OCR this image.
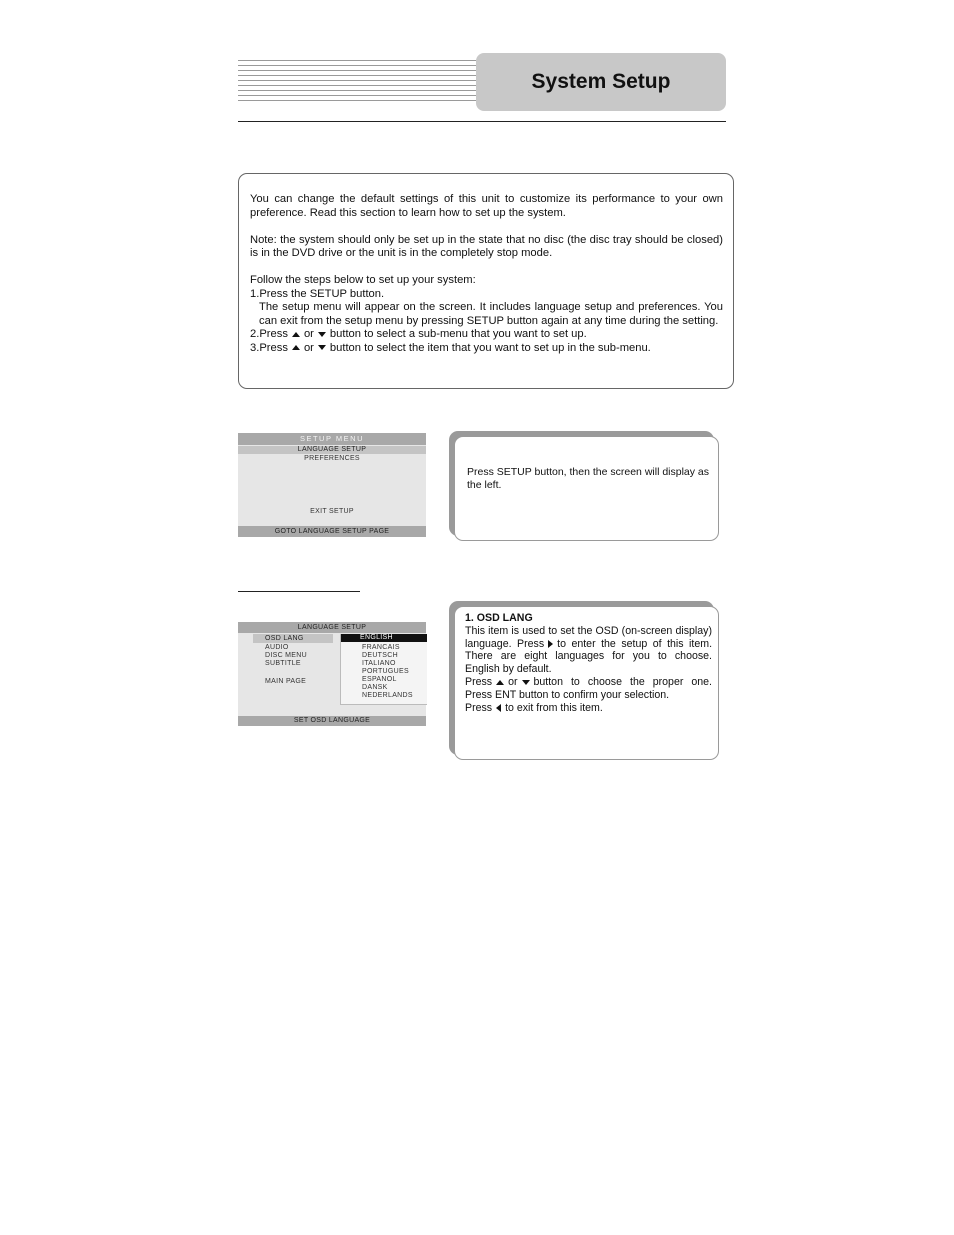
System Setup

You can change the default settings of this unit to customize its performance to your own preference. Read this section to learn how to set up the system.

Note: the system should only be set up in the state that no disc (the disc tray should be closed) is in the DVD drive or the unit is in the completely stop mode.

Follow the steps below to set up your system:

1.Press the SETUP button.

The setup menu will appear on the screen. It includes language setup and preferences. You can exit from the setup menu by pressing SETUP button again at any time during the setting.

2.Press or button to select a sub-menu that you want to set up.

3.Press or button to select the item that you want to set up in the sub-menu.

SETUP MENU
LANGUAGE SETUP
PREFERENCES
EXIT SETUP
GOTO LANGUAGE SETUP PAGE
Press SETUP button, then the screen will display as the left.
LANGUAGE SETUP
OSD LANG
AUDIO
DISC MENU
SUBTITLE
MAIN PAGE
ENGLISH
FRANCAIS
DEUTSCH
ITALIANO
PORTUGUES
ESPANOL
DANSK
NEDERLANDS
SET OSD LANGUAGE

1. OSD LANG

This item is used to set the OSD (on-screen display) language. Press to enter the setup of this item. There are eight languages for you to choose. English by default.

Press or button to choose the proper one. Press ENT button to confirm your selection.

Press to exit from this item.
